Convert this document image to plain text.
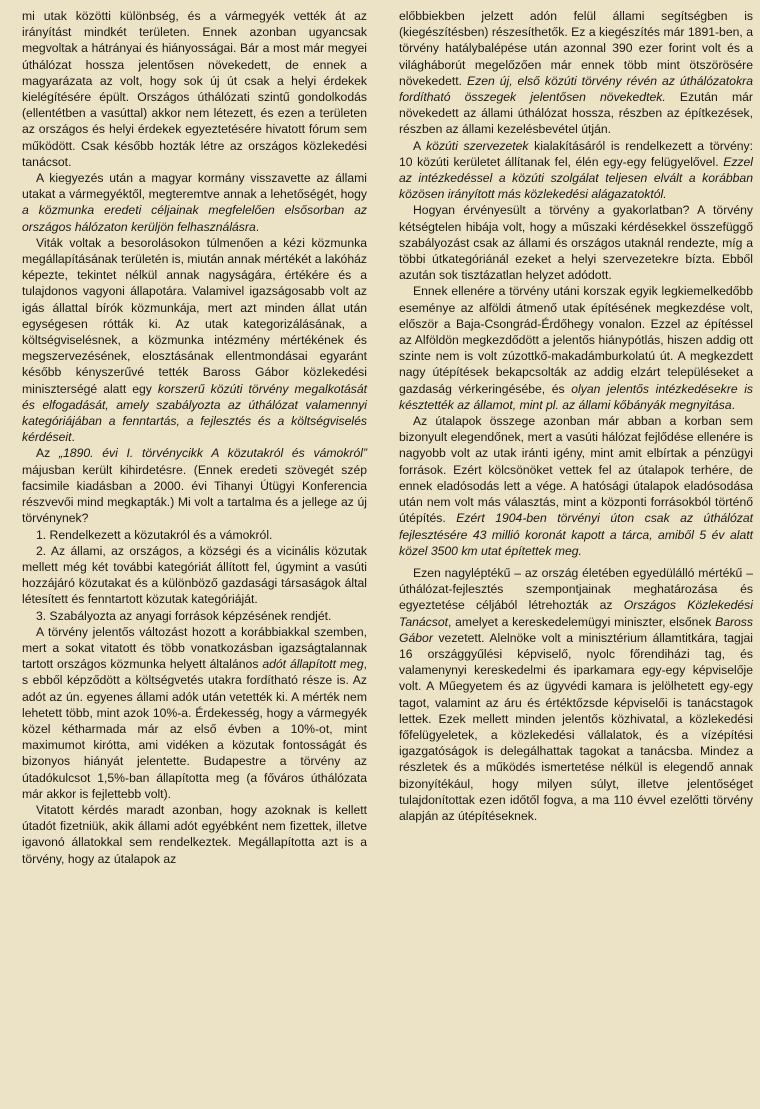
mi utak közötti különbség, és a vármegyék vették át az irányítást mindkét területen. Ennek azonban ugyancsak megvoltak a hátrányai és hiányosságai. Bár a most már megyei úthálózat hossza jelentősen növekedett, de ennek a magyarázata az volt, hogy sok új út csak a helyi érdekek kielégítésére épült. Országos úthálózati szintű gondolkodás (ellentétben a vasúttal) akkor nem létezett, és ezen a területen az országos és helyi érdekek egyeztetésére hivatott fórum sem működött. Csak később hozták létre az országos közlekedési tanácsot.

A kiegyezés után a magyar kormány visszavette az állami utakat a vármegyéktől, megteremtve annak a lehetőségét, hogy a közmunka eredeti céljainak megfelelően elsősorban az országos hálózaton kerüljön felhasználásra.

Viták voltak a besorolásokon túlmenően a kézi közmunka megállapításának területén is, miután annak mértékét a lakóház képezte, tekintet nélkül annak nagyságára, értékére és a tulajdonos vagyoni állapotára. Valamivel igazságosabb volt az igás állattal bírók közmunkája, mert azt minden állat után egységesen rótták ki. Az utak kategorizálásának, a költségviselésnek, a közmunka intézmény mértékének és megszervezésének, elosztásának ellentmondásai egyaránt később kényszerűvé tették Baross Gábor közlekedési miniszterségé alatt egy korszerű közúti törvény megalkotását és elfogadását, amely szabályozta az úthálózat valamennyi kategóriájában a fenntartás, a fejlesztés és a költségviselés kérdéseit.

Az „1890. évi I. törvénycikk A közutakról és vámokról” májusban került kihirdetésre. (Ennek eredeti szövegét szép facsimile kiadásban a 2000. évi Tihanyi Útügyi Konferencia részvevői mind megkapták.) Mi volt a tartalma és a jellege az új törvénynek?

1. Rendelkezett a közutakról és a vámokról.

2. Az állami, az országos, a községi és a vicinális közutak mellett még két további kategóriát állított fel, úgymint a vasúti hozzájáró közutakat és a különböző gazdasági társaságok által létesített és fenntartott közutak kategóriáját.

3. Szabályozta az anyagi források képzésének rendjét.

A törvény jelentős változást hozott a korábbiakkal szemben, mert a sokat vitatott és több vonatkozásban igazságtalannak tartott országos közmunka helyett általános adót állapított meg, s ebből képződött a költségvetés utakra fordítható része is. Az adót az ún. egyenes állami adók után vetették ki. A mérték nem lehetett több, mint azok 10%-a. Érdekesség, hogy a vármegyék közel kétharmada már az első évben a 10%-ot, mint maximumot kirótta, ami vidéken a közutak fontosságát és bizonyos hiányát jelentette. Budapestre a törvény az útadókulcsot 1,5%-ban állapította meg (a főváros úthálózata már akkor is fejlettebb volt).

Vitatott kérdés maradt azonban, hogy azoknak is kellett útadót fizetniük, akik állami adót egyébként nem fizettek, illetve igavonó állatokkal sem rendelkeztek. Megállapította azt is a törvény, hogy az útalapok az

előbbiekben jelzett adón felül állami segítségben is (kiegészítésben) részesíthetők. Ez a kiegészítés már 1891-ben, a törvény hatálybalépése után azonnal 390 ezer forint volt és a világháborút megelőzően már ennek több mint ötszörösére növekedett. Ezen új, első közúti törvény révén az úthálózatokra fordítható összegek jelentősen növekedtek. Ezután már növekedett az állami úthálózat hossza, részben az építkezések, részben az állami kezelésbevétel útján.

A közúti szervezetek kialakításáról is rendelkezett a törvény: 10 közúti kerületet állítanak fel, élén egy-egy felügyelővel. Ezzel az intézkedéssel a közúti szolgálat teljesen elvált a korábban közösen irányított más közlekedési alágazatoktól.

Hogyan érvényesült a törvény a gyakorlatban? A törvény kétségtelen hibája volt, hogy a műszaki kérdésekkel összefüggő szabályozást csak az állami és országos utaknál rendezte, míg a többi útkategóriánál ezeket a helyi szervezetekre bízta. Ebből azután sok tisztázatlan helyzet adódott.

Ennek ellenére a törvény utáni korszak egyik legkiemelkedőbb eseménye az alföldi átmenő utak építésének megkezdése volt, először a Baja-Csongrád-Érdőhegy vonalon. Ezzel az építéssel az Alföldön megkezdődött a jelentős hiánypótlás, hiszen addig ott szinte nem is volt zúzottkő-makadámburkolatú út. A megkezdett nagy útépítések bekapcsolták az addig elzárt településeket a gazdaság vérkeringésébe, és olyan jelentős intézkedésekre is késztették az államot, mint pl. az állami kőbányák megnyitása.

Az útalapok összege azonban már abban a korban sem bizonyult elegendőnek, mert a vasúti hálózat fejlődése ellenére is nagyobb volt az utak iránti igény, mint amit elbírtak a pénzügyi források. Ezért kölcsönöket vettek fel az útalapok terhére, de ennek eladósodás lett a vége. A hatósági útalapok eladósodása után nem volt más választás, mint a központi forrásokból történő útépítés. Ezért 1904-ben törvényi úton csak az úthálózat fejlesztésére 43 millió koronát kapott a tárca, amiből 5 év alatt közel 3500 km utat építettek meg.

Ezen nagyléptékű – az ország életében egyedülálló mértékű – úthálózat-fejlesztés szempontjainak meghatározása és egyeztetése céljából létrehozták az Országos Közlekedési Tanácsot, amelyet a kereskedelemügyi miniszter, elsőnek Baross Gábor vezetett. Alelnöke volt a minisztérium államtitkára, tagjai 16 országgyűlési képviselő, nyolc főrendiházi tag, és valamenynyi kereskedelmi és iparkamara egy-egy képviselője volt. A Műegyetem és az ügyvédi kamara is jelölhetett egy-egy tagot, valamint az áru és értéktőzsde képviselői is tanácstagok lettek. Ezek mellett minden jelentős közhivatal, a közlekedési főfelügyeletek, a közlekedési vállalatok, és a vízépítési igazgatóságok is delegálhattak tagokat a tanácsba. Mindez a részletek és a működés ismertetése nélkül is elegendő annak bizonyítékául, hogy milyen súlyt, illetve jelentőséget tulajdonítottak ezen időtől fogva, a ma 110 évvel ezelőtti törvény alapján az útépítéseknek.
